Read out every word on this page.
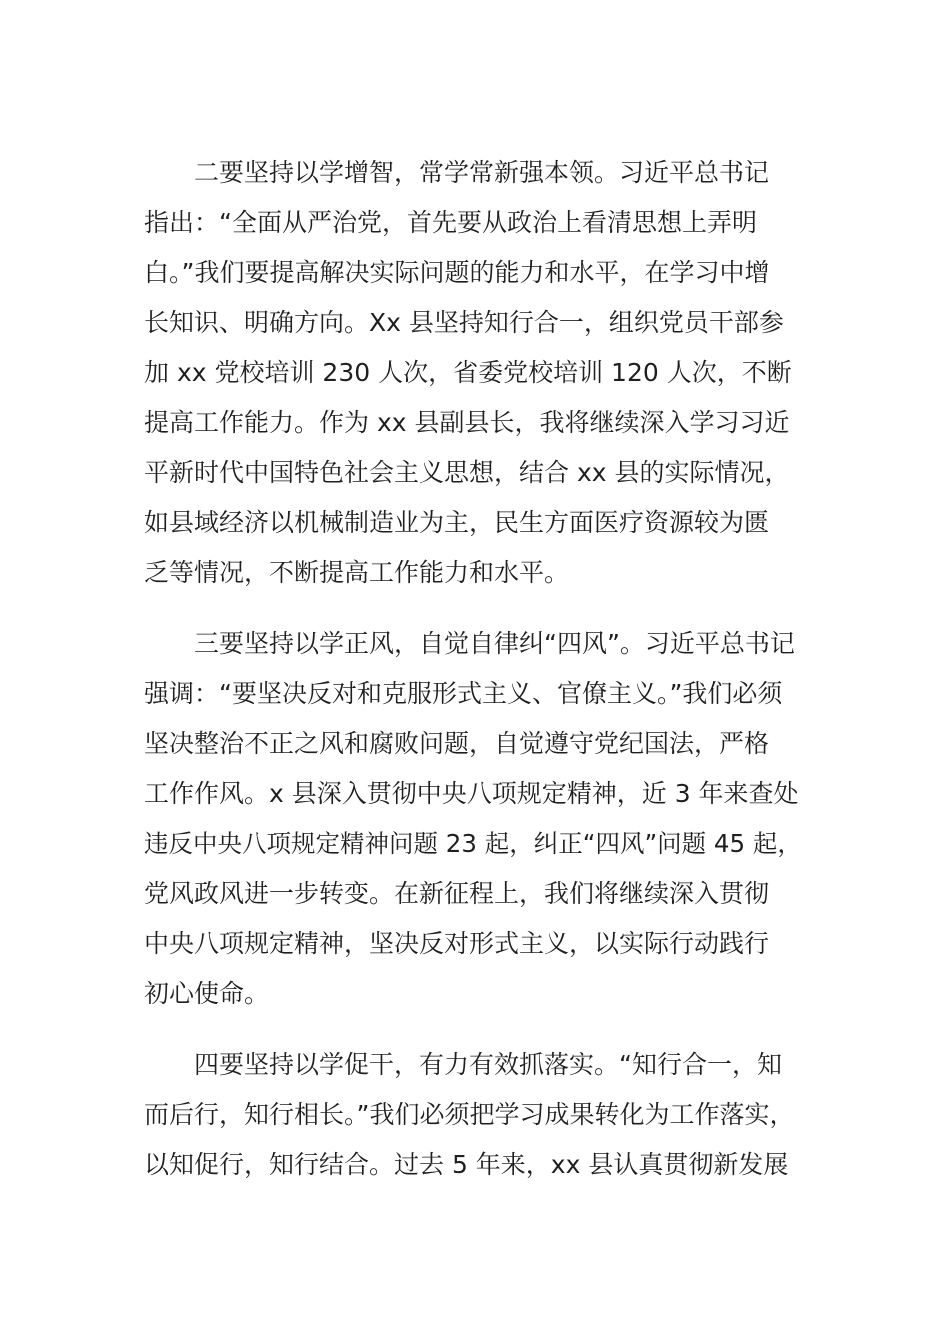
二要坚持以学增智，常学常新强本领。习近平总书记
指出：“全面从严治党，首先要从政治上看清思想上弄明
白。”我们要提高解决实际问题的能力和水平，在学习中增
长知识、明确方向。Xx 县坚持知行合一，组织党员干部参
加 xx 党校培训 230 人次，省委党校培训 120 人次，不断
提高工作能力。作为 xx 县副县长，我将继续深入学习习近
平新时代中国特色社会主义思想，结合 xx 县的实际情况，
如县域经济以机械制造业为主，民生方面医疗资源较为匮
乏等情况，不断提高工作能力和水平。
三要坚持以学正风，自觉自律纠“四风”。习近平总书记
强调：“要坚决反对和克服形式主义、官僚主义。”我们必须
坚决整治不正之风和腐败问题，自觉遵守党纪国法，严格
工作作风。x 县深入贯彻中央八项规定精神，近 3 年来查处
违反中央八项规定精神问题 23 起，纠正“四风”问题 45 起，
党风政风进一步转变。在新征程上，我们将继续深入贯彻
中央八项规定精神，坚决反对形式主义，以实际行动践行
初心使命。
四要坚持以学促干，有力有效抓落实。“知行合一，知
而后行，知行相长。”我们必须把学习成果转化为工作落实，
以知促行，知行结合。过去 5 年来，xx 县认真贯彻新发展
